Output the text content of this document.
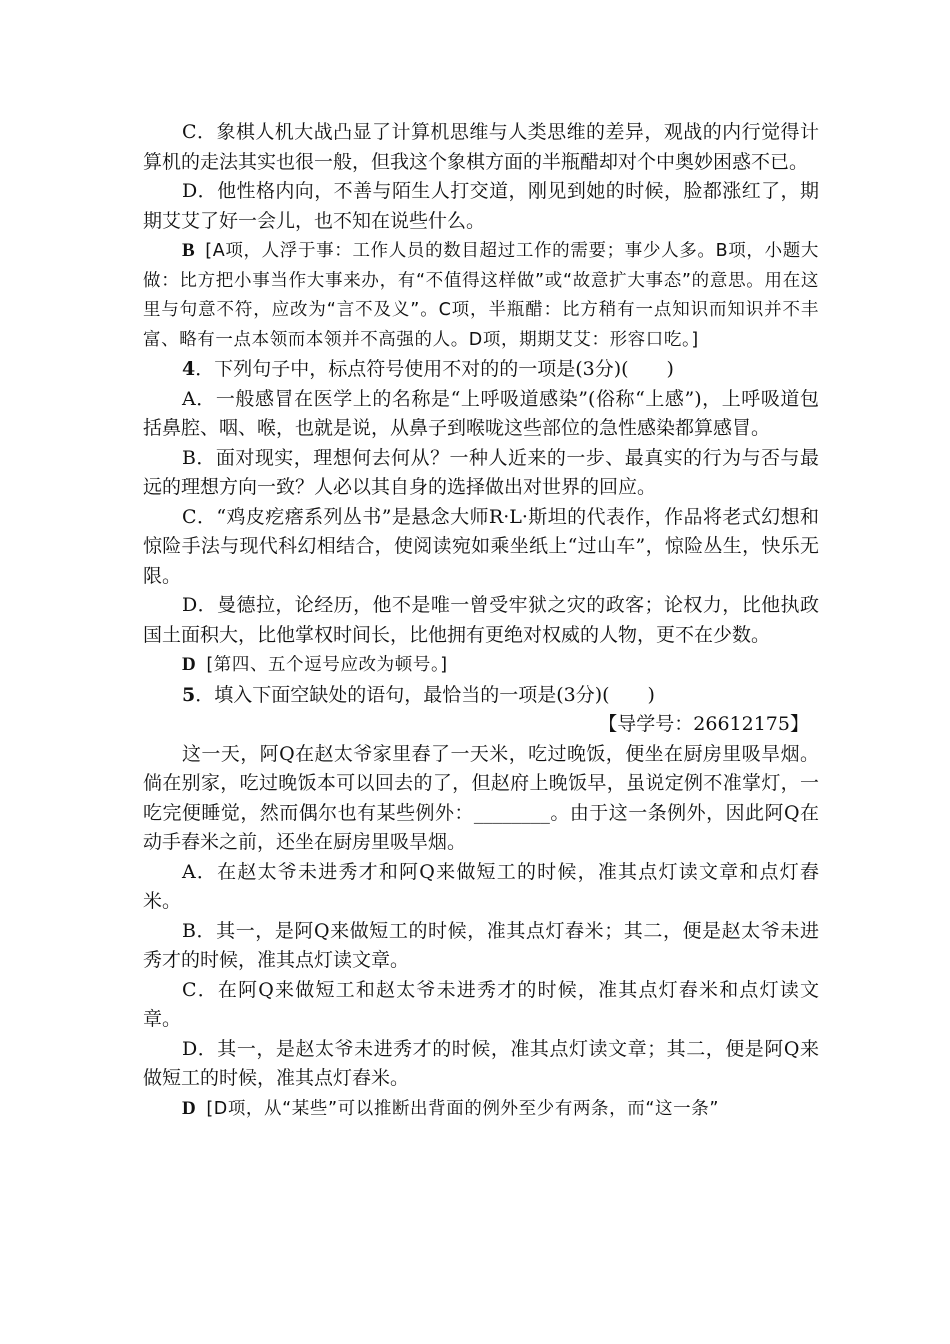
C．象棋人机大战凸显了计算机思维与人类思维的差异，观战的内行觉得计算机的走法其实也很一般，但我这个象棋方面的半瓶醋却对个中奥妙困惑不已。

D．他性格内向，不善与陌生人打交道，刚见到她的时候，脸都涨红了，期期艾艾了好一会儿，也不知在说些什么。

B [A项，人浮于事：工作人员的数目超过工作的需要；事少人多。B项，小题大做：比方把小事当作大事来办，有“不值得这样做”或“故意扩大事态”的意思。用在这里与句意不符，应改为“言不及义”。C项，半瓶醋：比方稍有一点知识而知识并不丰富、略有一点本领而本领并不高强的人。D项，期期艾艾：形容口吃。]

4．下列句子中，标点符号使用不对的的一项是(3分)(　　)

A．一般感冒在医学上的名称是“上呼吸道感染”(俗称“上感”)，上呼吸道包括鼻腔、咽、喉，也就是说，从鼻子到喉咙这些部位的急性感染都算感冒。

B．面对现实，理想何去何从？一种人近来的一步、最真实的行为与否与最远的理想方向一致？人必以其自身的选择做出对世界的回应。

C．“鸡皮疙瘩系列丛书”是悬念大师R·L·斯坦的代表作，作品将老式幻想和惊险手法与现代科幻相结合，使阅读宛如乘坐纸上“过山车”，惊险丛生，快乐无限。

D．曼德拉，论经历，他不是唯一曾受牢狱之灾的政客；论权力，比他执政国土面积大，比他掌权时间长，比他拥有更绝对权威的人物，更不在少数。

D [第四、五个逗号应改为顿号。]

5．填入下面空缺处的语句，最恰当的一项是(3分)(　　)

【导学号：26612175】

这一天，阿Q在赵太爷家里舂了一天米，吃过晚饭，便坐在厨房里吸旱烟。倘在别家，吃过晚饭本可以回去的了，但赵府上晚饭早，虽说定例不准掌灯，一吃完便睡觉，然而偶尔也有某些例外：________。由于这一条例外，因此阿Q在动手舂米之前，还坐在厨房里吸旱烟。

A．在赵太爷未进秀才和阿Q来做短工的时候，准其点灯读文章和点灯舂米。

B．其一，是阿Q来做短工的时候，准其点灯舂米；其二，便是赵太爷未进秀才的时候，准其点灯读文章。

C．在阿Q来做短工和赵太爷未进秀才的时候，准其点灯舂米和点灯读文章。

D．其一，是赵太爷未进秀才的时候，准其点灯读文章；其二，便是阿Q来做短工的时候，准其点灯舂米。

D [D项，从“某些”可以推断出背面的例外至少有两条，而“这一条”
